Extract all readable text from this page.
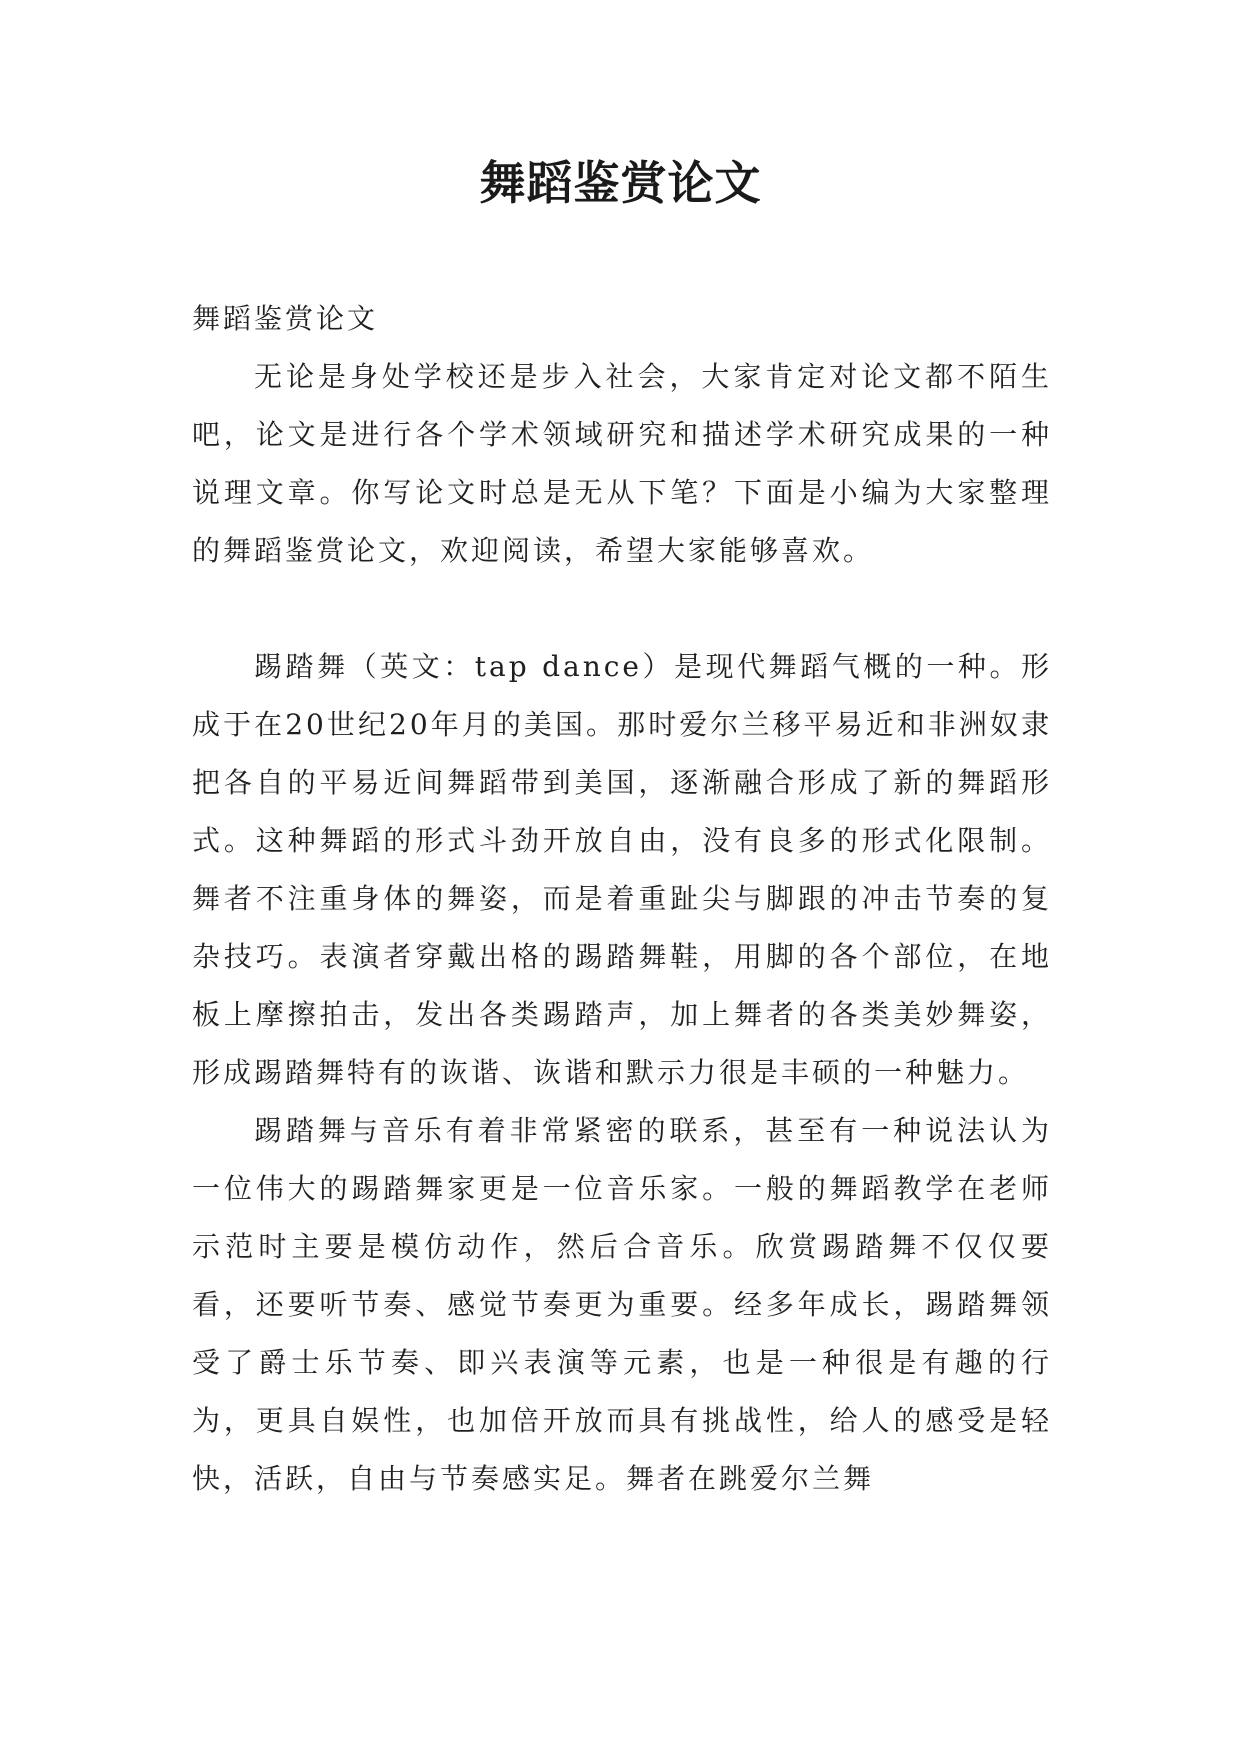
舞蹈鉴赏论文

舞蹈鉴赏论文

无论是身处学校还是步入社会，大家肯定对论文都不陌生吧，论文是进行各个学术领域研究和描述学术研究成果的一种说理文章。你写论文时总是无从下笔？下面是小编为大家整理的舞蹈鉴赏论文，欢迎阅读，希望大家能够喜欢。

踢踏舞（英文：tap dance）是现代舞蹈气概的一种。形成于在20世纪20年月的美国。那时爱尔兰移平易近和非洲奴隶把各自的平易近间舞蹈带到美国，逐渐融合形成了新的舞蹈形式。这种舞蹈的形式斗劲开放自由，没有良多的形式化限制。舞者不注重身体的舞姿，而是着重趾尖与脚跟的冲击节奏的复杂技巧。表演者穿戴出格的踢踏舞鞋，用脚的各个部位，在地板上摩擦拍击，发出各类踢踏声，加上舞者的各类美妙舞姿，形成踢踏舞特有的诙谐、诙谐和默示力很是丰硕的一种魅力。

踢踏舞与音乐有着非常紧密的联系，甚至有一种说法认为一位伟大的踢踏舞家更是一位音乐家。一般的舞蹈教学在老师示范时主要是模仿动作，然后合音乐。欣赏踢踏舞不仅仅要看，还要听节奏、感觉节奏更为重要。经多年成长，踢踏舞领受了爵士乐节奏、即兴表演等元素，也是一种很是有趣的行为，更具自娱性，也加倍开放而具有挑战性，给人的感受是轻快，活跃，自由与节奏感实足。舞者在跳爱尔兰舞
